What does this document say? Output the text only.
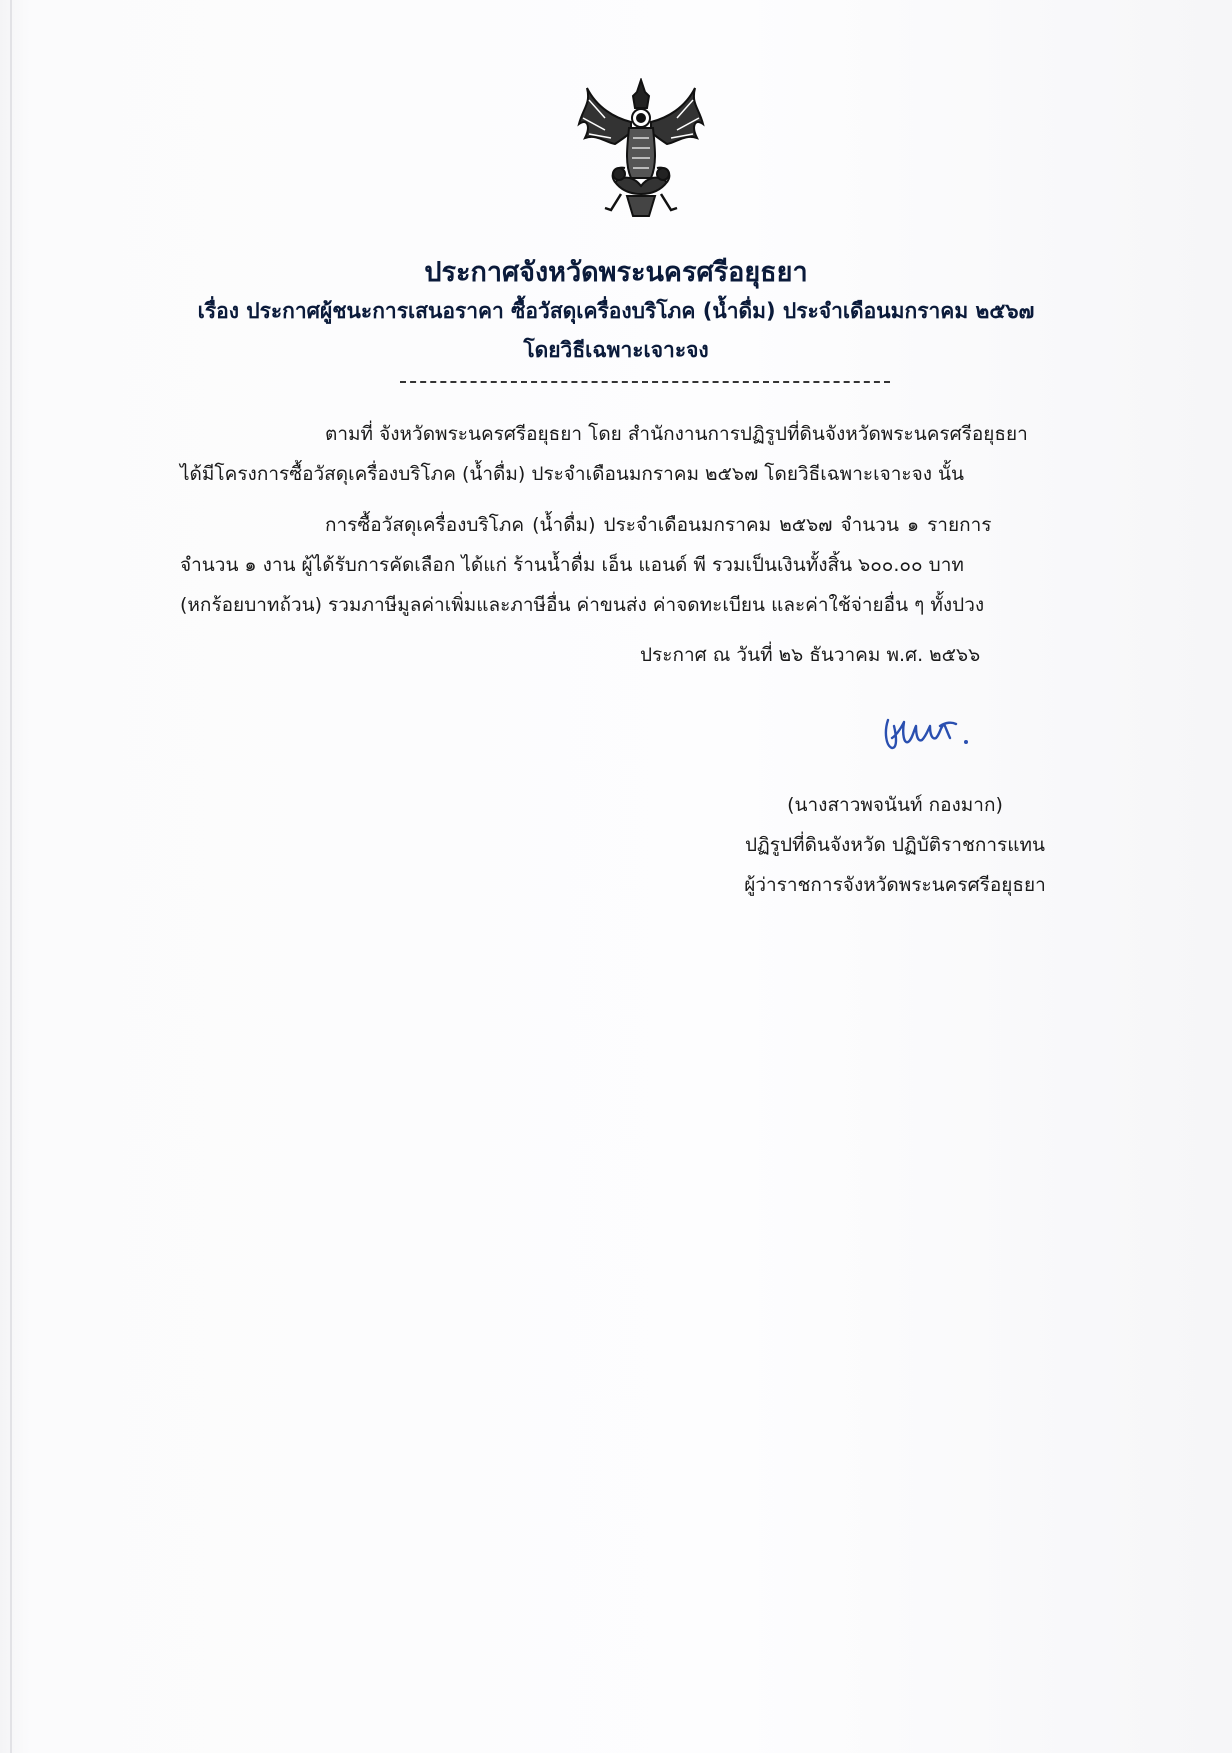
ประกาศจังหวัดพระนครศรีอยุธยา
เรื่อง ประกาศผู้ชนะการเสนอราคา ซื้อวัสดุเครื่องบริโภค (น้ำดื่ม) ประจำเดือนมกราคม ๒๕๖๗
โดยวิธีเฉพาะเจาะจง
ตามที่ จังหวัดพระนครศรีอยุธยา โดย สำนักงานการปฏิรูปที่ดินจังหวัดพระนครศรีอยุธยา
ได้มีโครงการซื้อวัสดุเครื่องบริโภค (น้ำดื่ม) ประจำเดือนมกราคม ๒๕๖๗ โดยวิธีเฉพาะเจาะจง นั้น
การซื้อวัสดุเครื่องบริโภค (น้ำดื่ม) ประจำเดือนมกราคม ๒๕๖๗ จำนวน ๑ รายการ
จำนวน ๑ งาน ผู้ได้รับการคัดเลือก ได้แก่ ร้านน้ำดื่ม เอ็น แอนด์ พี รวมเป็นเงินทั้งสิ้น ๖๐๐.๐๐ บาท
(หกร้อยบาทถ้วน) รวมภาษีมูลค่าเพิ่มและภาษีอื่น ค่าขนส่ง ค่าจดทะเบียน และค่าใช้จ่ายอื่น ๆ ทั้งปวง
ประกาศ ณ วันที่ ๒๖ ธันวาคม พ.ศ. ๒๕๖๖
(นางสาวพจนันท์ กองมาก)
ปฏิรูปที่ดินจังหวัด ปฏิบัติราชการแทน
ผู้ว่าราชการจังหวัดพระนครศรีอยุธยา
